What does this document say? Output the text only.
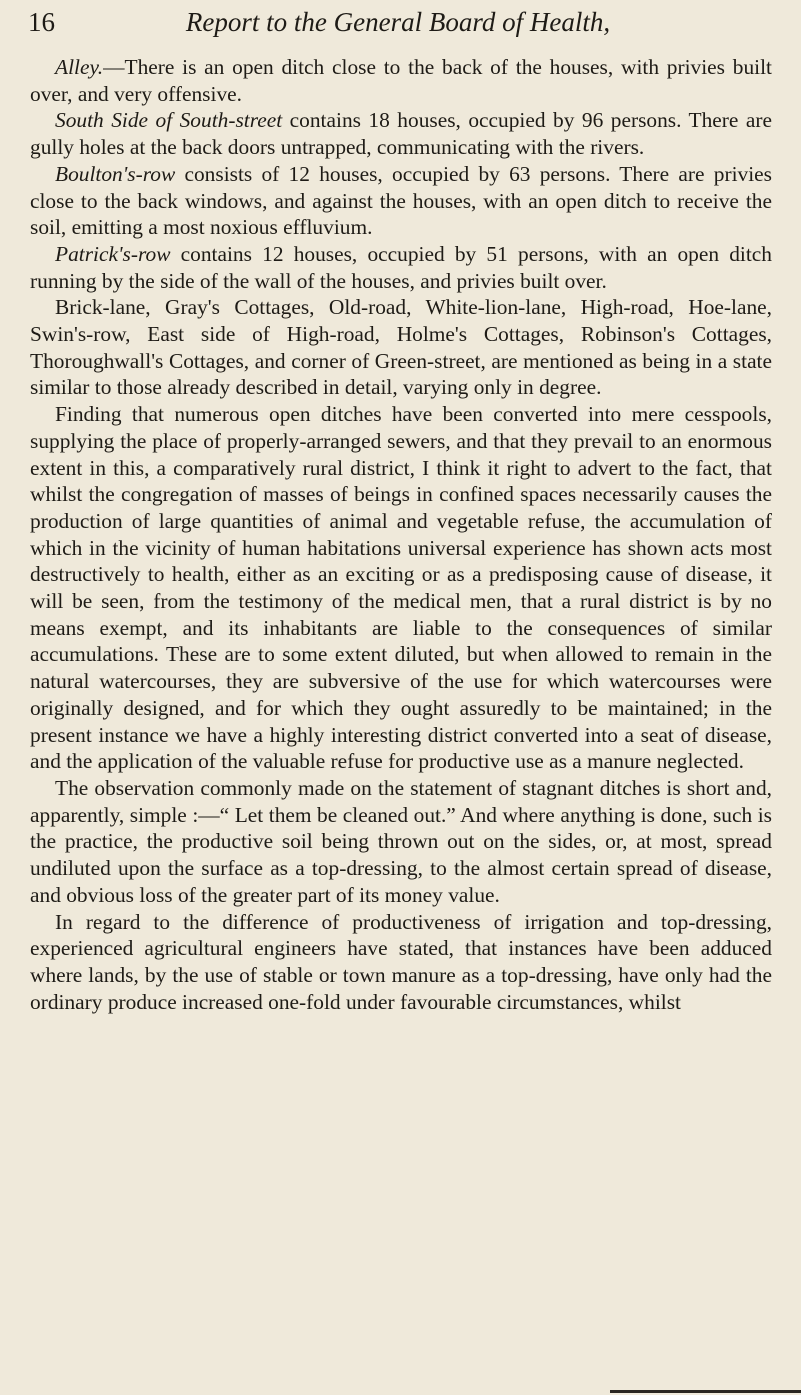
16	Report to the General Board of Health,

Alley.—There is an open ditch close to the back of the houses, with privies built over, and very offensive.

South Side of South-street contains 18 houses, occupied by 96 persons. There are gully holes at the back doors untrapped, communicating with the rivers.

Boulton's-row consists of 12 houses, occupied by 63 persons. There are privies close to the back windows, and against the houses, with an open ditch to receive the soil, emitting a most noxious effluvium.

Patrick's-row contains 12 houses, occupied by 51 persons, with an open ditch running by the side of the wall of the houses, and privies built over.

Brick-lane, Gray's Cottages, Old-road, White-lion-lane, High-road, Hoe-lane, Swin's-row, East side of High-road, Holme's Cottages, Robinson's Cottages, Thoroughwall's Cottages, and corner of Green-street, are mentioned as being in a state similar to those already described in detail, varying only in degree.

Finding that numerous open ditches have been converted into mere cesspools, supplying the place of properly-arranged sewers, and that they prevail to an enormous extent in this, a comparatively rural district, I think it right to advert to the fact, that whilst the congregation of masses of beings in confined spaces necessarily causes the production of large quantities of animal and vegetable refuse, the accumulation of which in the vicinity of human habitations universal experience has shown acts most destructively to health, either as an exciting or as a predisposing cause of disease, it will be seen, from the testimony of the medical men, that a rural district is by no means exempt, and its inhabitants are liable to the consequences of similar accumulations. These are to some extent diluted, but when allowed to remain in the natural watercourses, they are subversive of the use for which watercourses were originally designed, and for which they ought assuredly to be maintained; in the present instance we have a highly interesting district converted into a seat of disease, and the application of the valuable refuse for productive use as a manure neglected.

The observation commonly made on the statement of stagnant ditches is short and, apparently, simple :—“ Let them be cleaned out.” And where anything is done, such is the practice, the productive soil being thrown out on the sides, or, at most, spread undiluted upon the surface as a top-dressing, to the almost certain spread of disease, and obvious loss of the greater part of its money value.

In regard to the difference of productiveness of irrigation and top-dressing, experienced agricultural engineers have stated, that instances have been adduced where lands, by the use of stable or town manure as a top-dressing, have only had the ordinary produce increased one-fold under favourable circumstances, whilst
